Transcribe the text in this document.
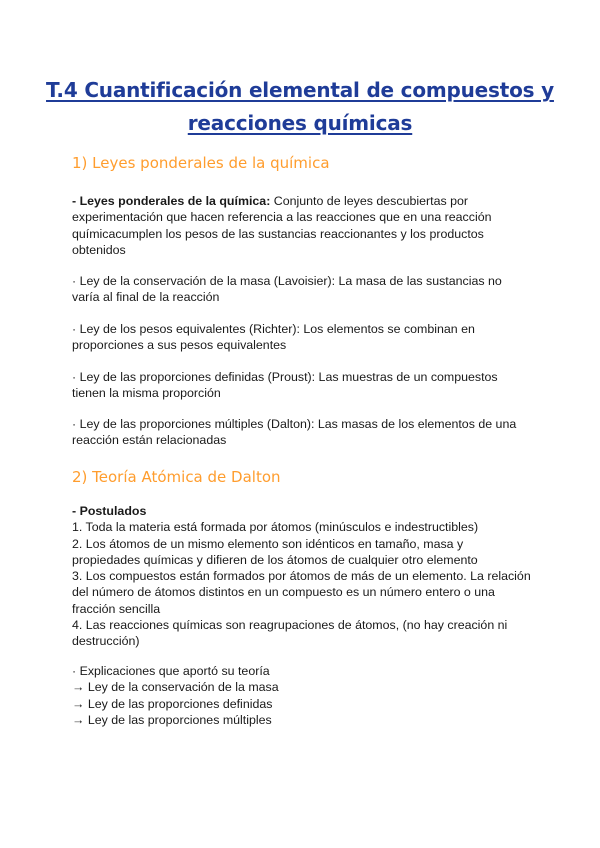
T.4 Cuantificación elemental de compuestos y reacciones químicas
1) Leyes ponderales de la química

- Leyes ponderales de la química: Conjunto de leyes descubiertas por experimentación que hacen referencia a las reacciones que en una reacción químicacumplen los pesos de las sustancias reaccionantes y los productos obtenidos

· Ley de la conservación de la masa (Lavoisier): La masa de las sustancias no varía al final de la reacción

· Ley de los pesos equivalentes (Richter): Los elementos se combinan en proporciones a sus pesos equivalentes

· Ley de las proporciones definidas (Proust): Las muestras de un compuestos tienen la misma proporción

· Ley de las proporciones múltiples (Dalton): Las masas de los elementos de una reacción están relacionadas

2) Teoría Atómica de Dalton

- Postulados

1. Toda la materia está formada por átomos (minúsculos e indestructibles)

2. Los átomos de un mismo elemento son idénticos en tamaño, masa y propiedades químicas y difieren de los átomos de cualquier otro elemento

3. Los compuestos están formados por átomos de más de un elemento. La relación del número de átomos distintos en un compuesto es un número entero o una fracción sencilla

4. Las reacciones químicas son reagrupaciones de átomos, (no hay creación ni destrucción)

· Explicaciones que aportó su teoría

→ Ley de la conservación de la masa

→ Ley de las proporciones definidas

→ Ley de las proporciones múltiples
